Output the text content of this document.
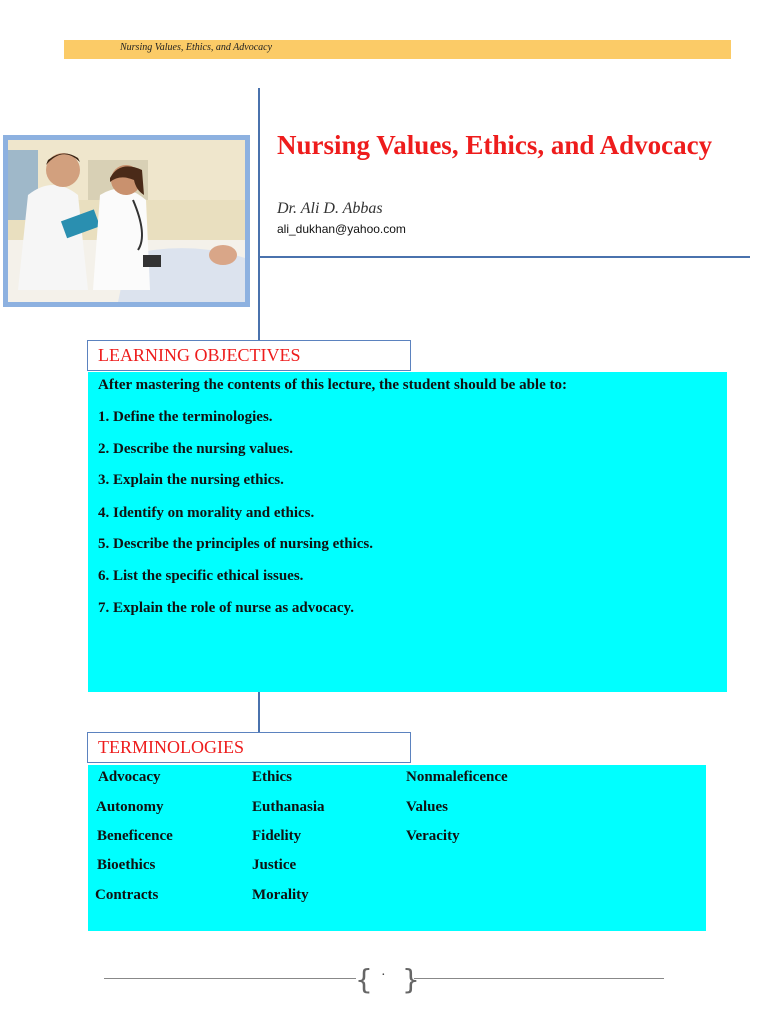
Nursing Values, Ethics, and Advocacy
Nursing Values, Ethics, and Advocacy
Dr. Ali D. Abbas
ali_dukhan@yahoo.com
LEARNING OBJECTIVES
After mastering the contents of this lecture, the student should be able to:
1. Define the terminologies.
2. Describe the nursing values.
3. Explain the nursing ethics.
4. Identify on morality and ethics.
5. Describe the principles of nursing ethics.
6. List the specific ethical issues.
7. Explain the role of nurse as advocacy.
TERMINOLOGIES
Advocacy
Autonomy
Beneficence
Bioethics
Contracts
Ethics
Euthanasia
Fidelity
Justice
Morality
Nonmaleficence
Values
Veracity
{ · }
